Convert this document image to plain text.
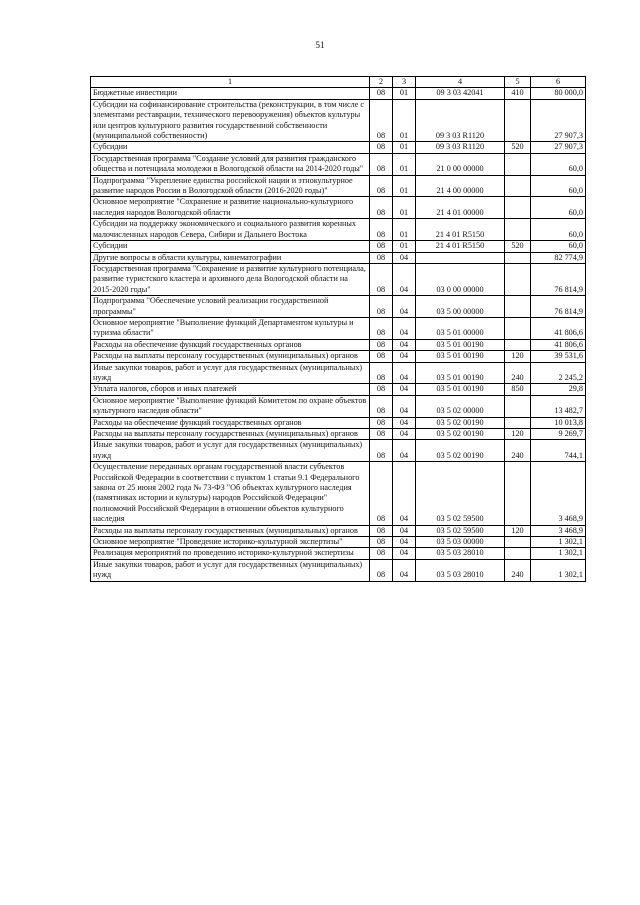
51
1	2	3	4	5	6
Бюджетные инвестиции	08	01	09 3 03 42041	410	80 000,0
Субсидии на софинансирование строительства (реконструкции, в том числе с элементами реставрации, технического перевооружения) объектов культуры или центров культурного развития государственной собственности (муниципальной собственности)	08	01	09 3 03 R1120		27 907,3
Субсидии	08	01	09 3 03 R1120	520	27 907,3
Государственная программа "Создание условий для развития гражданского общества и потенциала молодежи в Вологодской области на 2014-2020 годы"	08	01	21 0 00 00000		60,0
Подпрограмма "Укрепление единства российской нации и этнокультурное развитие народов России в Вологодской области (2016-2020 годы)"	08	01	21 4 00 00000		60,0
Основное мероприятие "Сохранение и развитие национально-культурного наследия народов Вологодской области	08	01	21 4 01 00000		60,0
Субсидии на поддержку экономического и социального развития коренных малочисленных народов Севера, Сибири и Дальнего Востока	08	01	21 4 01 R5150		60,0
Субсидии	08	01	21 4 01 R5150	520	60,0
Другие вопросы в области культуры, кинематографии	08	04			82 774,9
Государственная программа "Сохранение и развитие культурного потенциала, развитие туристского кластера и архивного дела Вологодской области на 2015-2020 годы"	08	04	03 0 00 00000		76 814,9
Подпрограмма "Обеспечение условий реализации государственной программы"	08	04	03 5 00 00000		76 814,9
Основное мероприятие "Выполнение функций Департаментом культуры и туризма области"	08	04	03 5 01 00000		41 806,6
Расходы на обеспечение функций государственных органов	08	04	03 5 01 00190		41 806,6
Расходы на выплаты персоналу государственных (муниципальных) органов	08	04	03 5 01 00190	120	39 531,6
Иные закупки товаров, работ и услуг для государственных (муниципальных) нужд	08	04	03 5 01 00190	240	2 245,2
Уплата налогов, сборов и иных платежей	08	04	03 5 01 00190	850	29,8
Основное мероприятие "Выполнение функций Комитетом по охране объектов культурного наследия области"	08	04	03 5 02 00000		13 482,7
Расходы на обеспечение функций государственных органов	08	04	03 5 02 00190		10 013,8
Расходы на выплаты персоналу государственных (муниципальных) органов	08	04	03 5 02 00190	120	9 269,7
Иные закупки товаров, работ и услуг для государственных (муниципальных) нужд	08	04	03 5 02 00190	240	744,1
Осуществление переданных органам государственной власти субъектов Российской Федерации в соответствии с пунктом 1 статьи 9.1 Федерального закона от 25 июня 2002 года № 73-ФЗ "Об объектах культурного наследия (памятниках истории и культуры) народов Российской Федерации" полномочий Российской Федерации в отношении объектов культурного наследия	08	04	03 5 02 59500		3 468,9
Расходы на выплаты персоналу государственных (муниципальных) органов	08	04	03 5 02 59500	120	3 468,9
Основное мероприятие "Проведение историко-культурной экспертизы"	08	04	03 5 03 00000		1 302,1
Реализация мероприятий по проведению историко-культурной экспертизы	08	04	03 5 03 28010		1 302,1
Иные закупки товаров, работ и услуг для государственных (муниципальных) нужд	08	04	03 5 03 28010	240	1 302,1
